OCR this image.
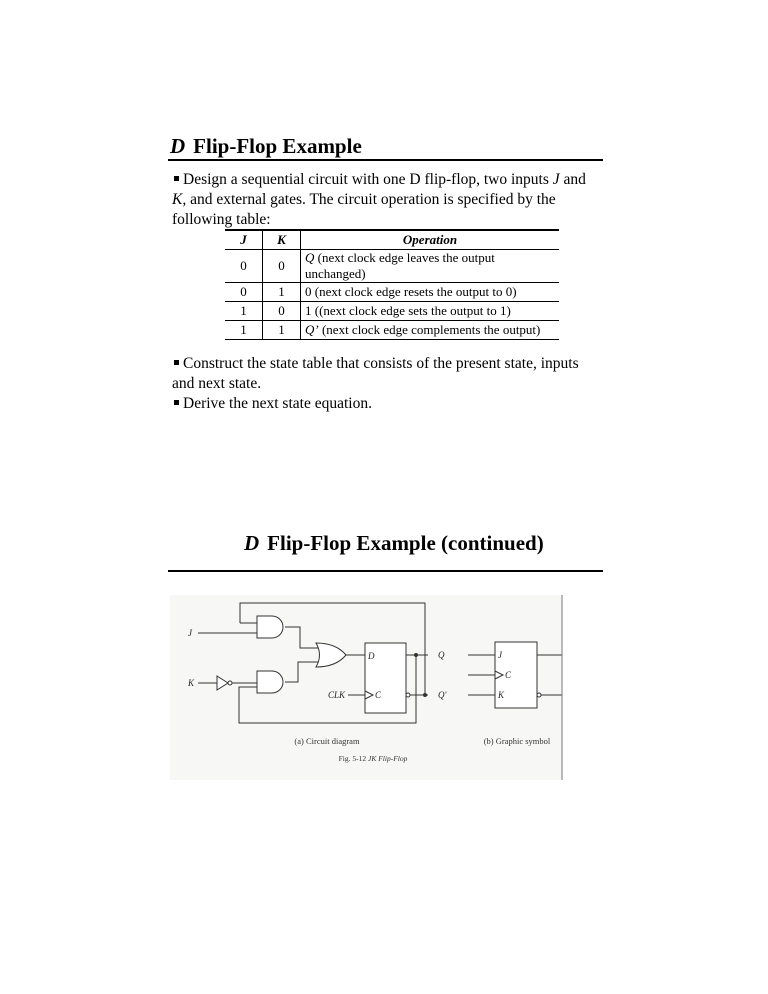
D Flip-Flop Example
Design a sequential circuit with one D flip-flop, two inputs J and K, and external gates. The circuit operation is specified by the following table:
J	K	Operation
0	0	Q (next clock edge leaves the output unchanged)
0	1	0 (next clock edge resets the output to 0)
1	0	1 ((next clock edge sets the output to 1)
1	1	Q’ (next clock edge complements the output)
Construct the state table that consists of the present state, inputs and next state.
Derive the next state equation.
D Flip-Flop Example (continued)
J
K
D
CLK	C
Q
Q'
J
C
K
(a) Circuit diagram	(b) Graphic symbol
Fig. 5-12 JK Flip-Flop
